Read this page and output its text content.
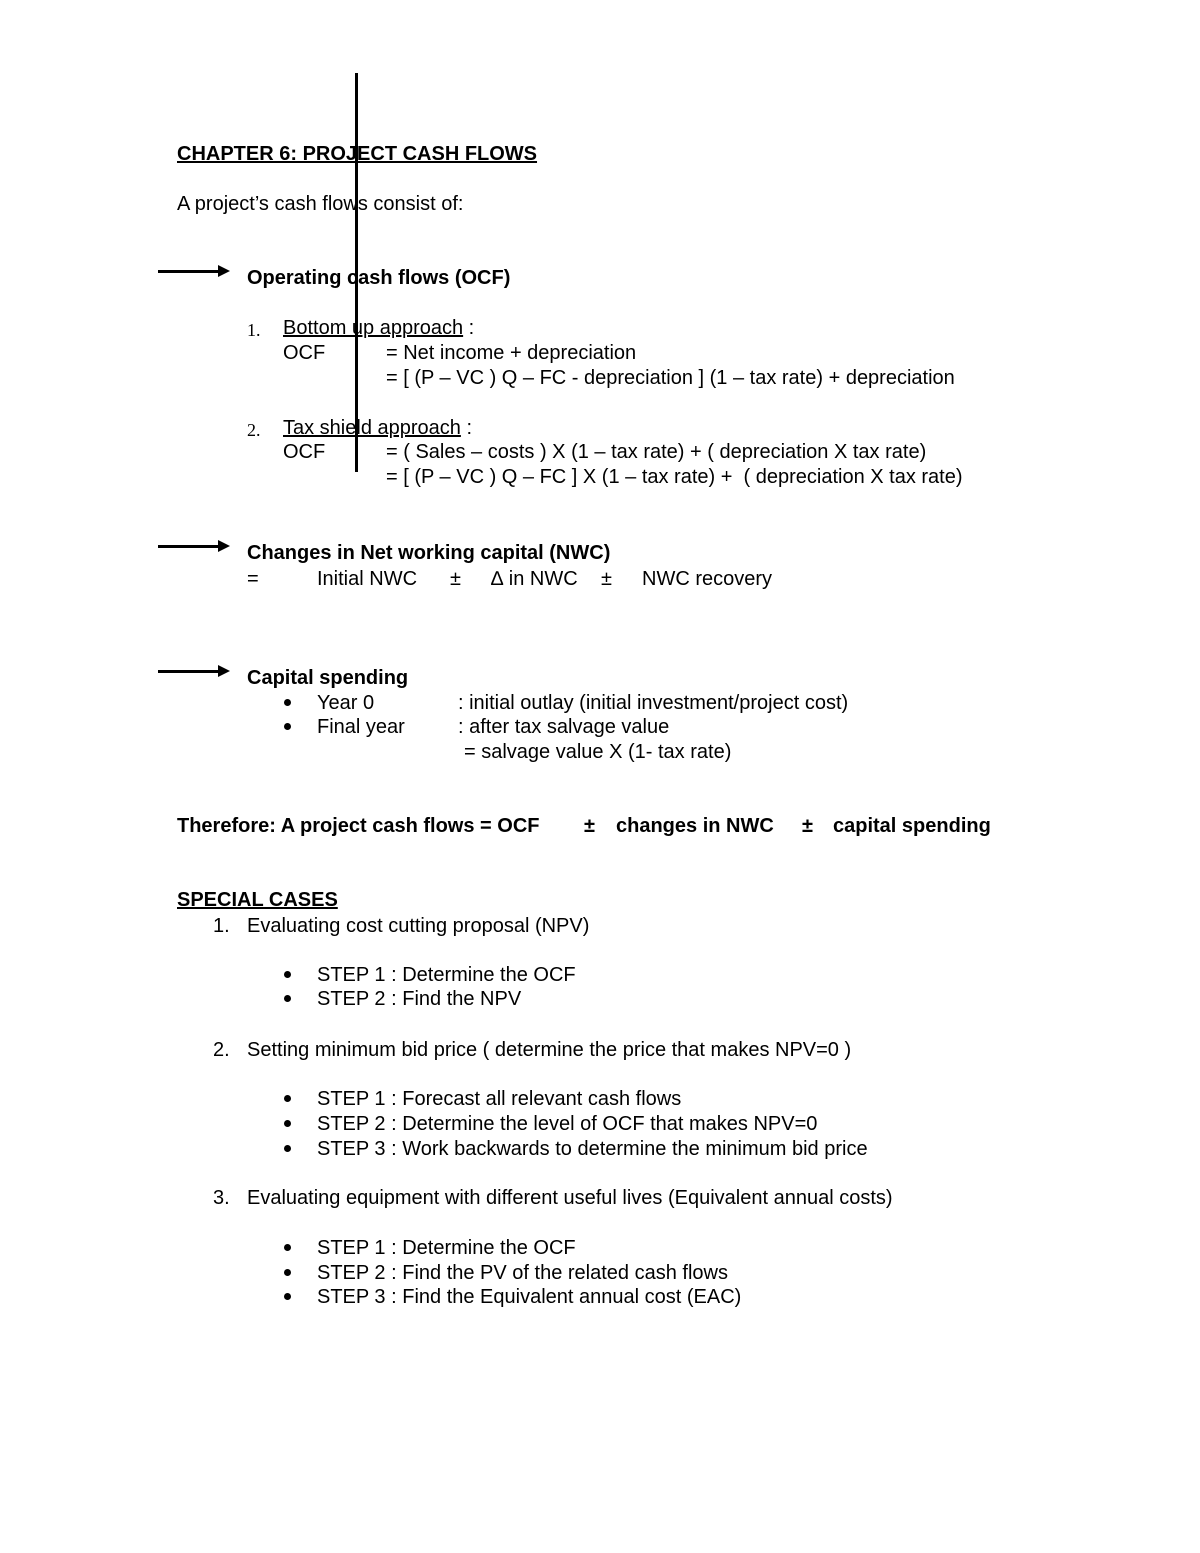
CHAPTER 6: PROJECT CASH FLOWS
A project’s cash flows consist of:
Operating cash flows (OCF)
1. Bottom up approach :
OCF	= Net income + depreciation
= [ (P – VC ) Q – FC - depreciation ] (1 – tax rate) + depreciation
2. Tax shield approach :
OCF	= ( Sales – costs ) X (1 – tax rate) + ( depreciation X tax rate)
= [ (P – VC ) Q – FC ] X (1 – tax rate) +  ( depreciation X tax rate)
Changes in Net working capital (NWC)
=	Initial NWC ± ∆ in NWC ± NWC recovery
Capital spending
Year 0	: initial outlay (initial investment/project cost)
Final year	: after tax salvage value
= salvage value X (1- tax rate)
Therefore: A project cash flows = OCF ± changes in NWC ± capital spending
SPECIAL CASES
1. Evaluating cost cutting proposal (NPV)
STEP 1 : Determine the OCF
STEP 2 : Find the NPV
2. Setting minimum bid price ( determine the price that makes NPV=0 )
STEP 1 : Forecast all relevant cash flows
STEP 2 : Determine the level of OCF that makes NPV=0
STEP 3 : Work backwards to determine the minimum bid price
3. Evaluating equipment with different useful lives (Equivalent annual costs)
STEP 1 : Determine the OCF
STEP 2 : Find the PV of the related cash flows
STEP 3 : Find the Equivalent annual cost (EAC)
